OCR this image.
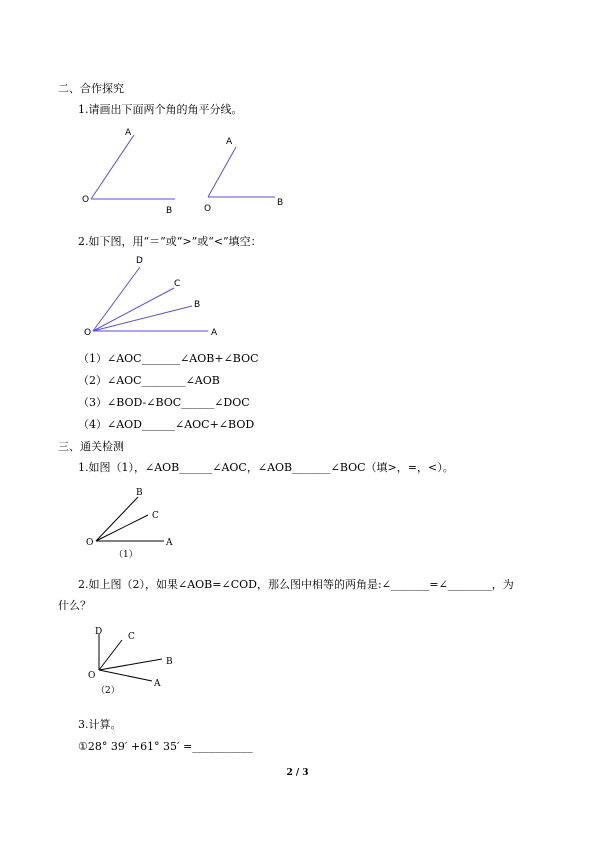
二、合作探究
1.请画出下面两个角的角平分线。
A
O
B
A
O
B
2.如下图，用“＝”或“>”或“<”填空：
D
C
B
O	A
（1）∠AOC_______∠AOB+∠BOC
（2）∠AOC________∠AOB
（3）∠BOD-∠BOC______∠DOC
（4）∠AOD______∠AOC+∠BOD
三、通关检测
1.如图（1），∠AOB______∠AOC，∠AOB_______∠BOC（填>，=，<）。
B
C
O	A
（1）
2.如上图（2），如果∠AOB=∠COD，那么图中相等的两角是:∠_______=∠________，为
什么？
D	C
B
O
A
（2）
3.计算。
①28° 39′ +61° 35′ =___________
2 / 3
